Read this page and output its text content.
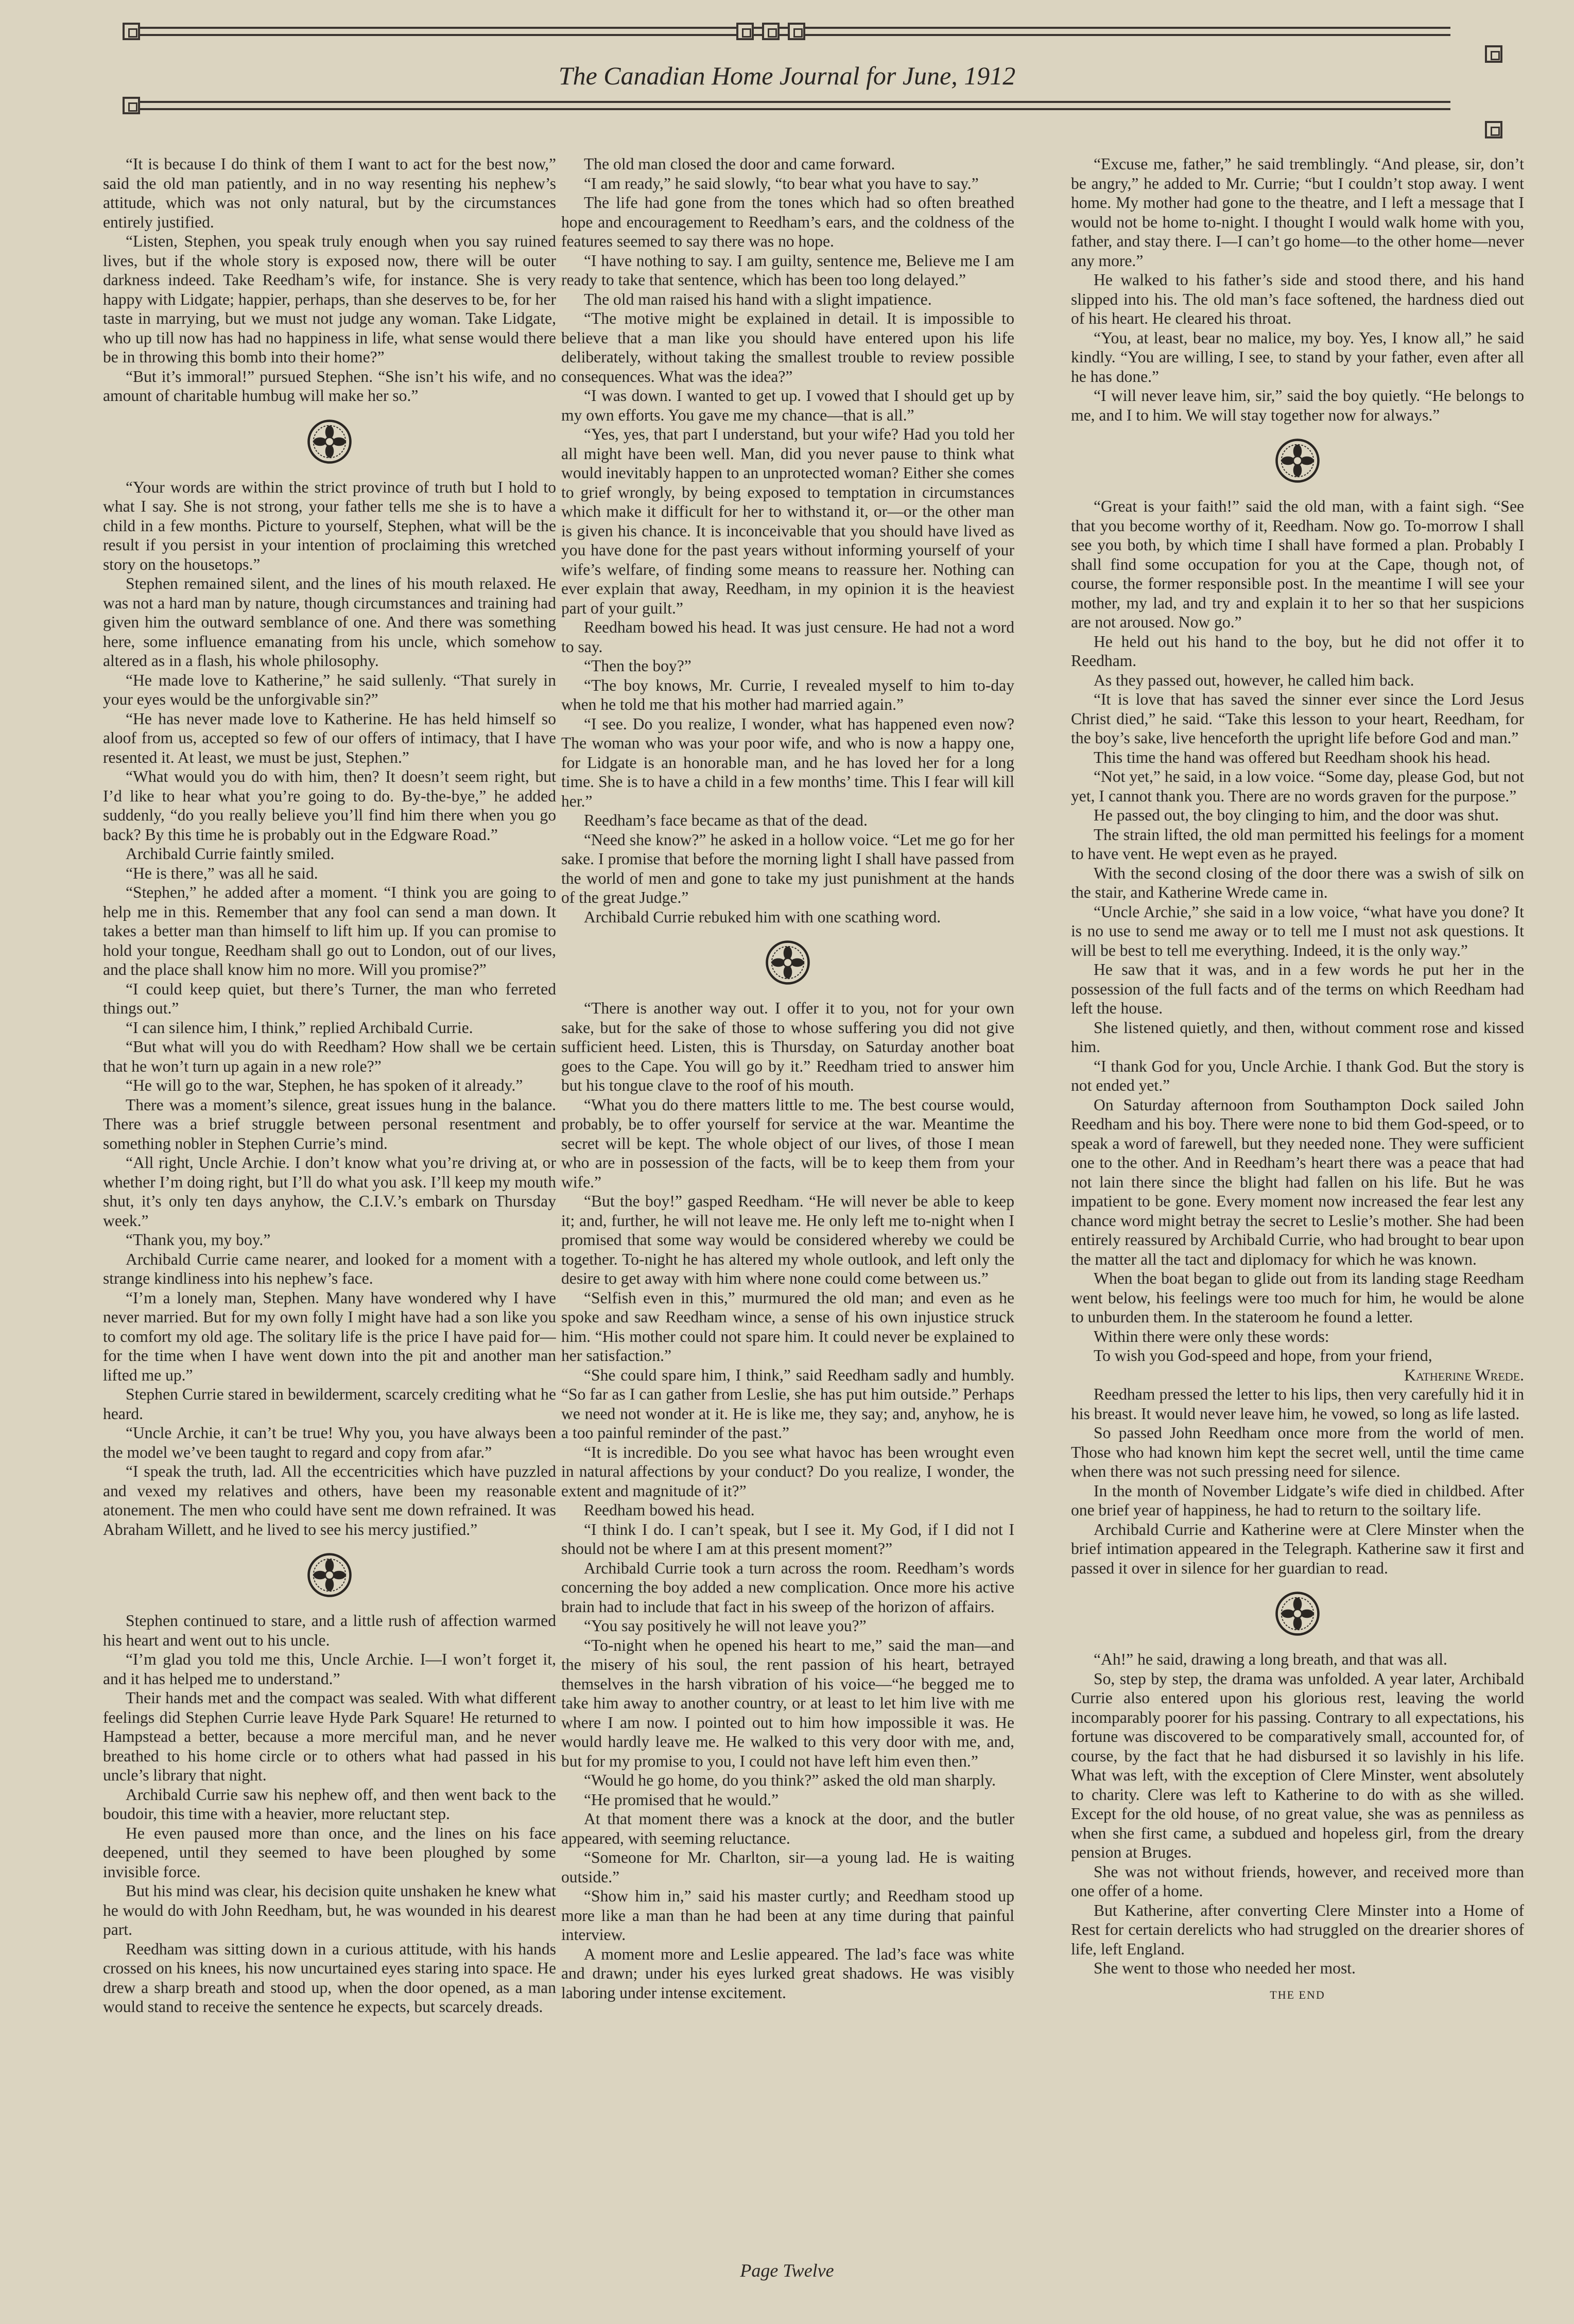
The Canadian Home Journal for June, 1912

“It is because I do think of them I want to act for the best now,” said the old man patiently, and in no way resenting his nephew’s attitude, which was not only natural, but by the circumstances entirely justified.

“Listen, Stephen, you speak truly enough when you say ruined lives, but if the whole story is exposed now, there will be outer darkness indeed. Take Reedham’s wife, for instance. She is very happy with Lidgate; happier, perhaps, than she deserves to be, for her taste in marrying, but we must not judge any woman. Take Lidgate, who up till now has had no happiness in life, what sense would there be in throwing this bomb into their home?”

“But it’s immoral!” pursued Stephen. “She isn’t his wife, and no amount of charitable humbug will make her so.”

“Your words are within the strict province of truth but I hold to what I say. She is not strong, your father tells me she is to have a child in a few months. Picture to yourself, Stephen, what will be the result if you persist in your intention of proclaiming this wretched story on the housetops.”

Stephen remained silent, and the lines of his mouth relaxed. He was not a hard man by nature, though circumstances and training had given him the outward semblance of one. And there was something here, some influence emanating from his uncle, which somehow altered as in a flash, his whole philosophy.

“He made love to Katherine,” he said sullenly. “That surely in your eyes would be the unforgivable sin?”

“He has never made love to Katherine. He has held himself so aloof from us, accepted so few of our offers of intimacy, that I have resented it. At least, we must be just, Stephen.”

“What would you do with him, then? It doesn’t seem right, but I’d like to hear what you’re going to do. By-the-bye,” he added suddenly, “do you really believe you’ll find him there when you go back? By this time he is probably out in the Edgware Road.”

Archibald Currie faintly smiled.

“He is there,” was all he said.

“Stephen,” he added after a moment. “I think you are going to help me in this. Remember that any fool can send a man down. It takes a better man than himself to lift him up. If you can promise to hold your tongue, Reedham shall go out to London, out of our lives, and the place shall know him no more. Will you promise?”

“I could keep quiet, but there’s Turner, the man who ferreted things out.”

“I can silence him, I think,” replied Archibald Currie.

“But what will you do with Reedham? How shall we be certain that he won’t turn up again in a new role?”

“He will go to the war, Stephen, he has spoken of it already.”

There was a moment’s silence, great issues hung in the balance. There was a brief struggle between personal resentment and something nobler in Stephen Currie’s mind.

“All right, Uncle Archie. I don’t know what you’re driving at, or whether I’m doing right, but I’ll do what you ask. I’ll keep my mouth shut, it’s only ten days anyhow, the C.I.V.’s embark on Thursday week.”

“Thank you, my boy.”

Archibald Currie came nearer, and looked for a moment with a strange kindliness into his nephew’s face.

“I’m a lonely man, Stephen. Many have wondered why I have never married. But for my own folly I might have had a son like you to comfort my old age. The solitary life is the price I have paid for—for the time when I have went down into the pit and another man lifted me up.”

Stephen Currie stared in bewilderment, scarcely crediting what he heard.

“Uncle Archie, it can’t be true! Why you, you have always been the model we’ve been taught to regard and copy from afar.”

“I speak the truth, lad. All the eccentricities which have puzzled and vexed my relatives and others, have been my reasonable atonement. The men who could have sent me down refrained. It was Abraham Willett, and he lived to see his mercy justified.”

Stephen continued to stare, and a little rush of affection warmed his heart and went out to his uncle.

“I’m glad you told me this, Uncle Archie. I—I won’t forget it, and it has helped me to understand.”

Their hands met and the compact was sealed. With what different feelings did Stephen Currie leave Hyde Park Square! He returned to Hampstead a better, because a more merciful man, and he never breathed to his home circle or to others what had passed in his uncle’s library that night.

Archibald Currie saw his nephew off, and then went back to the boudoir, this time with a heavier, more reluctant step.

He even paused more than once, and the lines on his face deepened, until they seemed to have been ploughed by some invisible force.

But his mind was clear, his decision quite unshaken he knew what he would do with John Reedham, but, he was wounded in his dearest part.

Reedham was sitting down in a curious attitude, with his hands crossed on his knees, his now uncurtained eyes staring into space. He drew a sharp breath and stood up, when the door opened, as a man would stand to receive the sentence he expects, but scarcely dreads.

The old man closed the door and came forward.

“I am ready,” he said slowly, “to bear what you have to say.”

The life had gone from the tones which had so often breathed hope and encouragement to Reedham’s ears, and the coldness of the features seemed to say there was no hope.

“I have nothing to say. I am guilty, sentence me, Believe me I am ready to take that sentence, which has been too long delayed.”

The old man raised his hand with a slight impatience.

“The motive might be explained in detail. It is impossible to believe that a man like you should have entered upon his life deliberately, without taking the smallest trouble to review possible consequences. What was the idea?”

“I was down. I wanted to get up. I vowed that I should get up by my own efforts. You gave me my chance—that is all.”

“Yes, yes, that part I understand, but your wife? Had you told her all might have been well. Man, did you never pause to think what would inevitably happen to an unprotected woman? Either she comes to grief wrongly, by being exposed to temptation in circumstances which make it difficult for her to withstand it, or—or the other man is given his chance. It is inconceivable that you should have lived as you have done for the past years without informing yourself of your wife’s welfare, of finding some means to reassure her. Nothing can ever explain that away, Reedham, in my opinion it is the heaviest part of your guilt.”

Reedham bowed his head. It was just censure. He had not a word to say.

“Then the boy?”

“The boy knows, Mr. Currie, I revealed myself to him to-day when he told me that his mother had married again.”

“I see. Do you realize, I wonder, what has happened even now? The woman who was your poor wife, and who is now a happy one, for Lidgate is an honorable man, and he has loved her for a long time. She is to have a child in a few months’ time. This I fear will kill her.”

Reedham’s face became as that of the dead.

“Need she know?” he asked in a hollow voice. “Let me go for her sake. I promise that before the morning light I shall have passed from the world of men and gone to take my just punishment at the hands of the great Judge.”

Archibald Currie rebuked him with one scathing word.

“There is another way out. I offer it to you, not for your own sake, but for the sake of those to whose suffering you did not give sufficient heed. Listen, this is Thursday, on Saturday another boat goes to the Cape. You will go by it.” Reedham tried to answer him but his tongue clave to the roof of his mouth.

“What you do there matters little to me. The best course would, probably, be to offer yourself for service at the war. Meantime the secret will be kept. The whole object of our lives, of those I mean who are in possession of the facts, will be to keep them from your wife.”

“But the boy!” gasped Reedham. “He will never be able to keep it; and, further, he will not leave me. He only left me to-night when I promised that some way would be considered whereby we could be together. To-night he has altered my whole outlook, and left only the desire to get away with him where none could come between us.”

“Selfish even in this,” murmured the old man; and even as he spoke and saw Reedham wince, a sense of his own injustice struck him. “His mother could not spare him. It could never be explained to her satisfaction.”

“She could spare him, I think,” said Reedham sadly and humbly. “So far as I can gather from Leslie, she has put him outside.” Perhaps we need not wonder at it. He is like me, they say; and, anyhow, he is a too painful reminder of the past.”

“It is incredible. Do you see what havoc has been wrought even in natural affections by your conduct? Do you realize, I wonder, the extent and magnitude of it?”

Reedham bowed his head.

“I think I do. I can’t speak, but I see it. My God, if I did not I should not be where I am at this present moment?”

Archibald Currie took a turn across the room. Reedham’s words concerning the boy added a new complication. Once more his active brain had to include that fact in his sweep of the horizon of affairs.

“You say positively he will not leave you?”

“To-night when he opened his heart to me,” said the man—and the misery of his soul, the rent passion of his heart, betrayed themselves in the harsh vibration of his voice—“he begged me to take him away to another country, or at least to let him live with me where I am now. I pointed out to him how impossible it was. He would hardly leave me. He walked to this very door with me, and, but for my promise to you, I could not have left him even then.”

“Would he go home, do you think?” asked the old man sharply.

“He promised that he would.”

At that moment there was a knock at the door, and the butler appeared, with seeming reluctance.

“Someone for Mr. Charlton, sir—a young lad. He is waiting outside.”

“Show him in,” said his master curtly; and Reedham stood up more like a man than he had been at any time during that painful interview.

A moment more and Leslie appeared. The lad’s face was white and drawn; under his eyes lurked great shadows. He was visibly laboring under intense excitement.

“Excuse me, father,” he said tremblingly. “And please, sir, don’t be angry,” he added to Mr. Currie; “but I couldn’t stop away. I went home. My mother had gone to the theatre, and I left a message that I would not be home to-night. I thought I would walk home with you, father, and stay there. I—I can’t go home—to the other home—never any more.”

He walked to his father’s side and stood there, and his hand slipped into his. The old man’s face softened, the hardness died out of his heart. He cleared his throat.

“You, at least, bear no malice, my boy. Yes, I know all,” he said kindly. “You are willing, I see, to stand by your father, even after all he has done.”

“I will never leave him, sir,” said the boy quietly. “He belongs to me, and I to him. We will stay together now for always.”

“Great is your faith!” said the old man, with a faint sigh. “See that you become worthy of it, Reedham. Now go. To-morrow I shall see you both, by which time I shall have formed a plan. Probably I shall find some occupation for you at the Cape, though not, of course, the former responsible post. In the meantime I will see your mother, my lad, and try and explain it to her so that her suspicions are not aroused. Now go.”

He held out his hand to the boy, but he did not offer it to Reedham.

As they passed out, however, he called him back.

“It is love that has saved the sinner ever since the Lord Jesus Christ died,” he said. “Take this lesson to your heart, Reedham, for the boy’s sake, live henceforth the upright life before God and man.”

This time the hand was offered but Reedham shook his head.

“Not yet,” he said, in a low voice. “Some day, please God, but not yet, I cannot thank you. There are no words graven for the purpose.”

He passed out, the boy clinging to him, and the door was shut.

The strain lifted, the old man permitted his feelings for a moment to have vent. He wept even as he prayed.

With the second closing of the door there was a swish of silk on the stair, and Katherine Wrede came in.

“Uncle Archie,” she said in a low voice, “what have you done? It is no use to send me away or to tell me I must not ask questions. It will be best to tell me everything. Indeed, it is the only way.”

He saw that it was, and in a few words he put her in the possession of the full facts and of the terms on which Reedham had left the house.

She listened quietly, and then, without comment rose and kissed him.

“I thank God for you, Uncle Archie. I thank God. But the story is not ended yet.”

On Saturday afternoon from Southampton Dock sailed John Reedham and his boy. There were none to bid them God-speed, or to speak a word of farewell, but they needed none. They were sufficient one to the other. And in Reedham’s heart there was a peace that had not lain there since the blight had fallen on his life. But he was impatient to be gone. Every moment now increased the fear lest any chance word might betray the secret to Leslie’s mother. She had been entirely reassured by Archibald Currie, who had brought to bear upon the matter all the tact and diplomacy for which he was known.

When the boat began to glide out from its landing stage Reedham went below, his feelings were too much for him, he would be alone to unburden them. In the stateroom he found a letter.

Within there were only these words:

To wish you God-speed and hope, from your friend,

Katherine Wrede.

Reedham pressed the letter to his lips, then very carefully hid it in his breast. It would never leave him, he vowed, so long as life lasted.

So passed John Reedham once more from the world of men. Those who had known him kept the secret well, until the time came when there was not such pressing need for silence.

In the month of November Lidgate’s wife died in childbed. After one brief year of happiness, he had to return to the soiltary life.

Archibald Currie and Katherine were at Clere Minster when the brief intimation appeared in the Telegraph. Katherine saw it first and passed it over in silence for her guardian to read.

“Ah!” he said, drawing a long breath, and that was all.

So, step by step, the drama was unfolded. A year later, Archibald Currie also entered upon his glorious rest, leaving the world incomparably poorer for his passing. Contrary to all expectations, his fortune was discovered to be comparatively small, accounted for, of course, by the fact that he had disbursed it so lavishly in his life. What was left, with the exception of Clere Minster, went absolutely to charity. Clere was left to Katherine to do with as she willed. Except for the old house, of no great value, she was as penniless as when she first came, a subdued and hopeless girl, from the dreary pension at Bruges.

She was not without friends, however, and received more than one offer of a home.

But Katherine, after converting Clere Minster into a Home of Rest for certain derelicts who had struggled on the drearier shores of life, left England.

She went to those who needed her most.

THE END

Page Twelve
